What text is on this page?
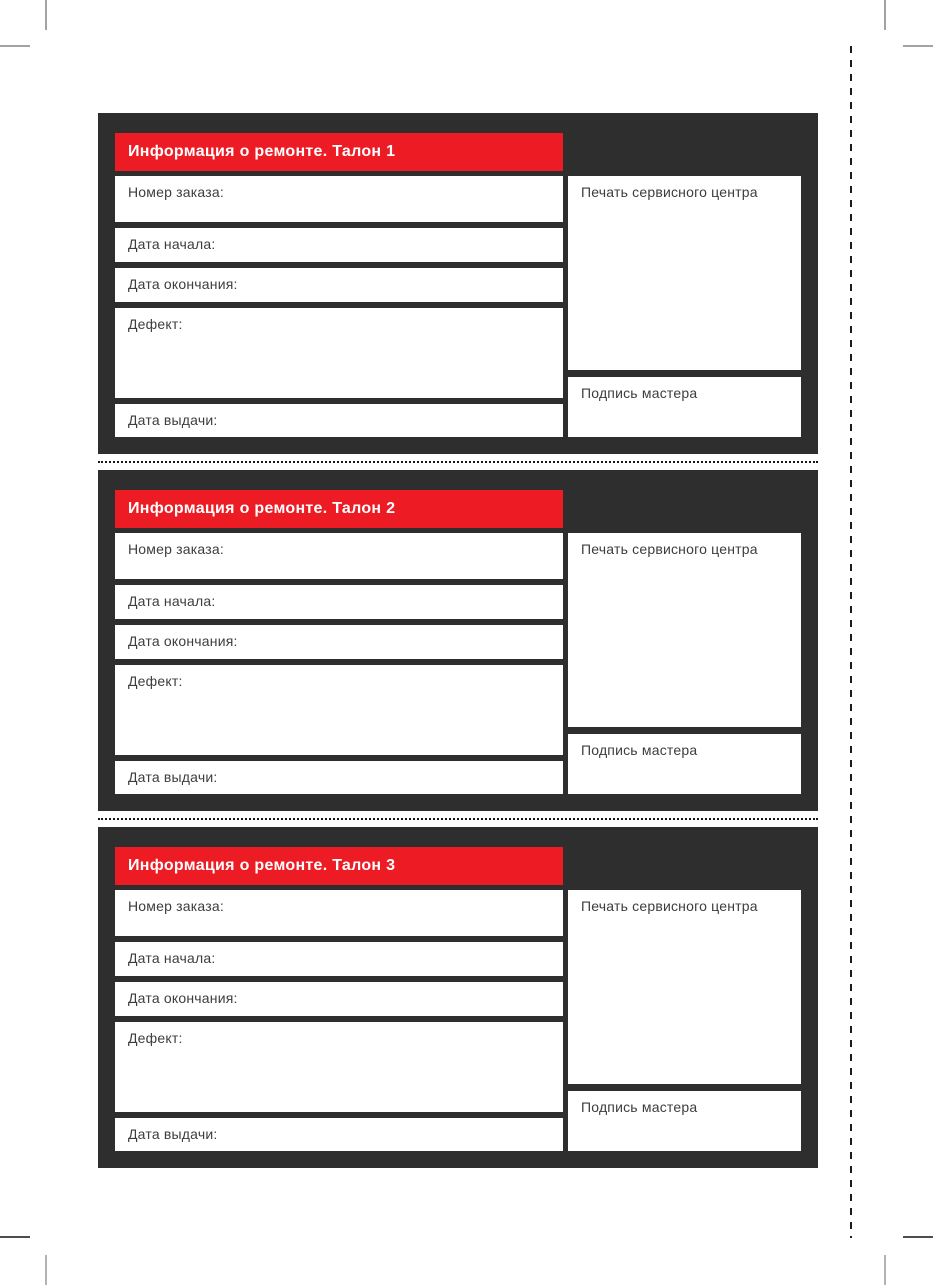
Информация о ремонте. Талон 1
Номер заказа:
Дата начала:
Дата окончания:
Дефект:
Дата выдачи:
Печать сервисного центра
Подпись мастера
Информация о ремонте. Талон 2
Номер заказа:
Дата начала:
Дата окончания:
Дефект:
Дата выдачи:
Печать сервисного центра
Подпись мастера
Информация о ремонте. Талон 3
Номер заказа:
Дата начала:
Дата окончания:
Дефект:
Дата выдачи:
Печать сервисного центра
Подпись мастера
